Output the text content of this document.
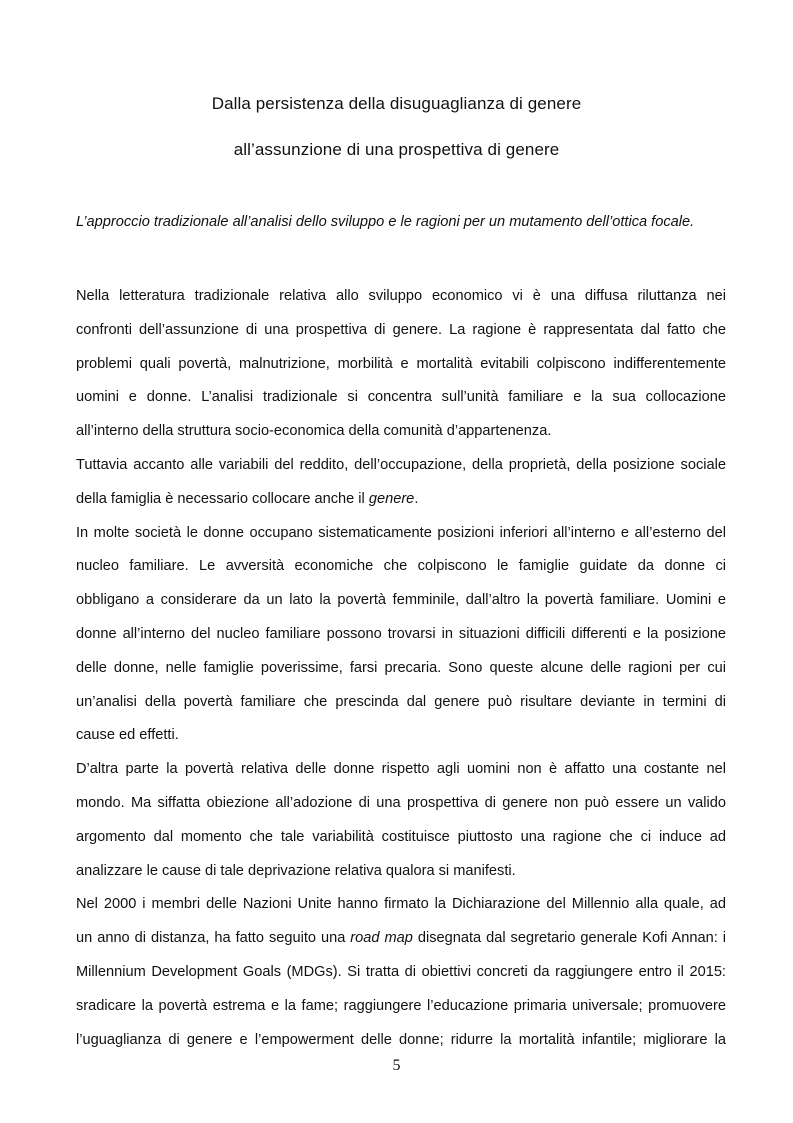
Dalla persistenza della disuguaglianza di genere
all’assunzione di una prospettiva di genere
L’approccio tradizionale all’analisi dello sviluppo e le ragioni per un mutamento dell’ottica focale.
Nella letteratura tradizionale relativa allo sviluppo economico vi è una diffusa riluttanza nei
confronti dell’assunzione di una prospettiva di genere. La ragione è rappresentata dal fatto che
problemi quali povertà, malnutrizione, morbilità e mortalità evitabili colpiscono indifferentemente
uomini e donne. L’analisi tradizionale si concentra sull’unità familiare e la sua collocazione
all’interno della struttura socio-economica della comunità d’appartenenza.
Tuttavia accanto alle variabili del reddito, dell’occupazione, della proprietà, della posizione sociale
della famiglia è necessario collocare anche il genere.
In molte società le donne occupano sistematicamente posizioni inferiori all’interno e all’esterno del
nucleo familiare. Le avversità economiche che colpiscono le famiglie guidate da donne ci
obbligano a considerare da un lato la povertà femminile, dall’altro la povertà familiare. Uomini e
donne all’interno del nucleo familiare possono trovarsi in situazioni difficili differenti e la posizione
delle donne, nelle famiglie poverissime, farsi precaria. Sono queste alcune delle ragioni per cui
un’analisi della povertà familiare che prescinda dal genere può risultare deviante in termini di
cause ed effetti.
D’altra parte la povertà relativa delle donne rispetto agli uomini non è affatto una costante nel
mondo. Ma siffatta obiezione all’adozione di una prospettiva di genere non può essere un valido
argomento dal momento che tale variabilità costituisce piuttosto una ragione che ci induce ad
analizzare le cause di tale deprivazione relativa qualora si manifesti.
Nel 2000 i membri delle Nazioni Unite hanno firmato la Dichiarazione del Millennio alla quale, ad
un anno di distanza, ha fatto seguito una road map disegnata dal segretario generale Kofi Annan: i
Millennium Development Goals (MDGs). Si tratta di obiettivi concreti da raggiungere entro il 2015:
sradicare la povertà estrema e la fame; raggiungere l’educazione primaria universale; promuovere
l’uguaglianza di genere e l’empowerment delle donne; ridurre la mortalità infantile; migliorare la
5
